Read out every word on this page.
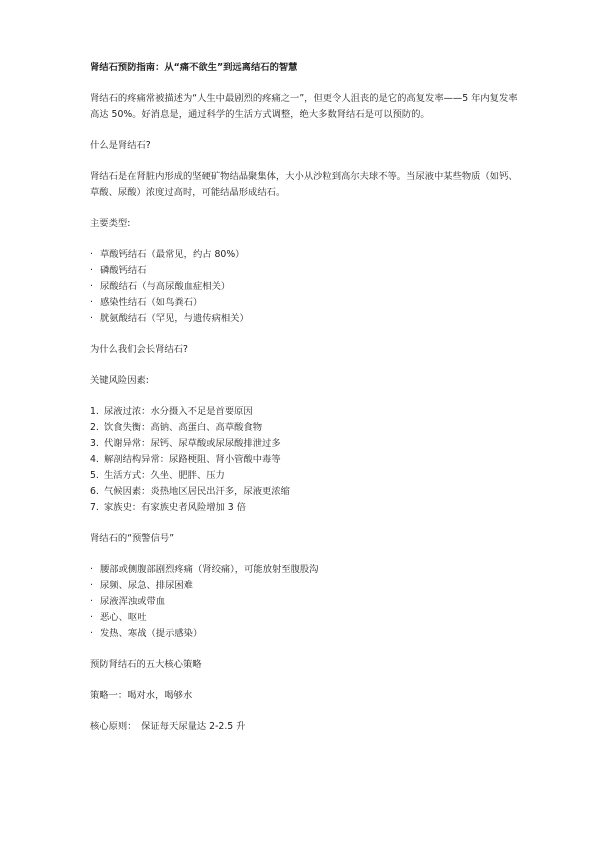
肾结石预防指南：从“痛不欲生”到远离结石的智慧

肾结石的疼痛常被描述为“人生中最剧烈的疼痛之一”，但更令人沮丧的是它的高复发率——5 年内复发率高达 50%。好消息是，通过科学的生活方式调整，绝大多数肾结石是可以预防的。

什么是肾结石?

肾结石是在肾脏内形成的坚硬矿物结晶聚集体，大小从沙粒到高尔夫球不等。当尿液中某些物质（如钙、草酸、尿酸）浓度过高时，可能结晶形成结石。

主要类型:

· 草酸钙结石（最常见，约占 80%）
· 磷酸钙结石
· 尿酸结石（与高尿酸血症相关）
· 感染性结石（如鸟粪石）
· 胱氨酸结石（罕见，与遗传病相关）

为什么我们会长肾结石?

关键风险因素:

1. 尿液过浓：水分摄入不足是首要原因
2. 饮食失衡：高钠、高蛋白、高草酸食物
3. 代谢异常：尿钙、尿草酸或尿尿酸排泄过多
4. 解剖结构异常：尿路梗阻、肾小管酸中毒等
5. 生活方式：久坐、肥胖、压力
6. 气候因素：炎热地区居民出汗多，尿液更浓缩
7. 家族史：有家族史者风险增加 3 倍

肾结石的“预警信号”

· 腰部或侧腹部剧烈疼痛（肾绞痛），可能放射至腹股沟
· 尿频、尿急、排尿困难
· 尿液浑浊或带血
· 恶心、呕吐
· 发热、寒战（提示感染）

预防肾结石的五大核心策略

策略一：喝对水，喝够水

核心原则：　保证每天尿量达 2-2.5 升
